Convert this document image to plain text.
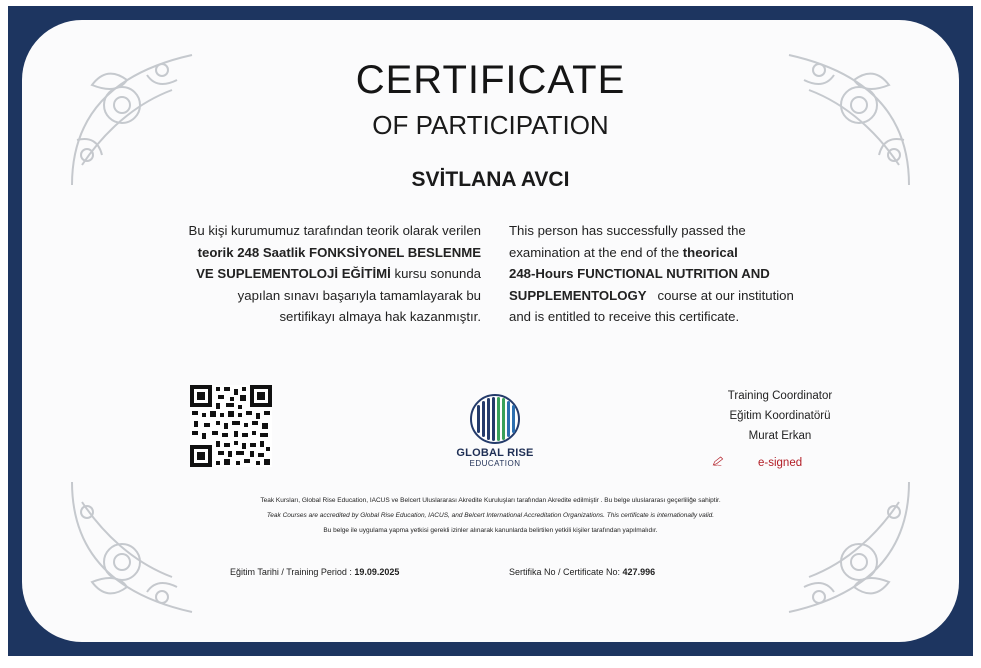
CERTIFICATE
OF PARTICIPATION
SVİTLANA AVCI
Bu kişi kurumumuz tarafından teorik olarak verilen
teorik 248 Saatlik FONKSİYONEL BESLENME
VE SUPLEMENTOLOJİ EĞİTİMİ kursu sonunda
yapılan sınavı başarıyla tamamlayarak bu
sertifikayı almaya hak kazanmıştır.
This person has successfully passed the
examination at the end of the theorical
248-Hours FUNCTIONAL NUTRITION AND
SUPPLEMENTOLOGY   course at our institution
and is entitled to receive this certificate.
GLOBAL RISE
EDUCATION
Training Coordinator
Eğitim Koordinatörü
Murat Erkan
e-signed
Teak Kursları, Global Rise Education, IACUS ve Belcert Uluslararası Akredite Kuruluşları tarafından Akredite edilmiştir . Bu belge uluslararası geçerliliğe sahiptir.
Teak Courses are accredited by Global Rise Education, IACUS, and Belcert International Accreditation Organizations. This certificate is internationally valid.
Bu belge ile uygulama yapma yetkisi gerekli izinler alınarak kanunlarda belirtilen yetkili kişiler tarafından yapılmalıdır.
Eğitim Tarihi / Training Period : 19.09.2025	Sertifika No / Certificate No: 427.996
